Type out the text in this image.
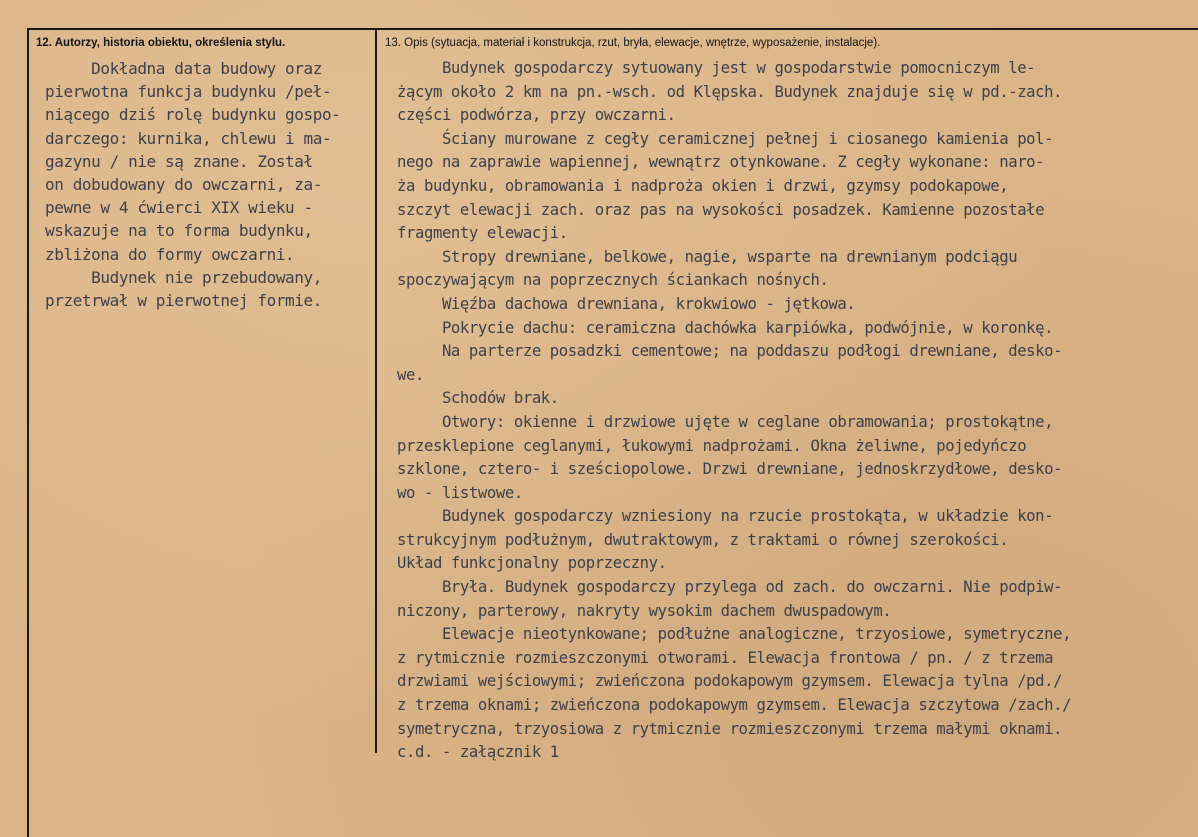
12. Autorzy, historia obiektu, określenia stylu.	13. Opis (sytuacja, materiał i konstrukcja, rzut, bryła, elewacje, wnętrze, wyposażenie, instalacje).
Dokładna data budowy oraz
pierwotna funkcja budynku /peł-
niącego dziś rolę budynku gospo-
darczego: kurnika, chlewu i ma-
gazynu / nie są znane. Został
on dobudowany do owczarni, za-
pewne w 4 ćwierci XIX wieku -
wskazuje na to forma budynku,
zbliżona do formy owczarni.
Budynek nie przebudowany,
przetrwał w pierwotnej formie.
Budynek gospodarczy sytuowany jest w gospodarstwie pomocniczym le-
żącym około 2 km na pn.-wsch. od Klępska. Budynek znajduje się w pd.-zach.
części podwórza, przy owczarni.
Ściany murowane z cegły ceramicznej pełnej i ciosanego kamienia pol-
nego na zaprawie wapiennej, wewnątrz otynkowane. Z cegły wykonane: naro-
ża budynku, obramowania i nadproża okien i drzwi, gzymsy podokapowe,
szczyt elewacji zach. oraz pas na wysokości posadzek. Kamienne pozostałe
fragmenty elewacji.
Stropy drewniane, belkowe, nagie, wsparte na drewnianym podciągu
spoczywającym na poprzecznych ściankach nośnych.
Więźba dachowa drewniana, krokwiowo - jętkowa.
Pokrycie dachu: ceramiczna dachówka karpiówka, podwójnie, w koronkę.
Na parterze posadzki cementowe; na poddaszu podłogi drewniane, desko-
we.
Schodów brak.
Otwory: okienne i drzwiowe ujęte w ceglane obramowania; prostokątne,
przesklepione ceglanymi, łukowymi nadprożami. Okna żeliwne, pojedyńczo
szklone, cztero- i sześciopolowe. Drzwi drewniane, jednoskrzydłowe, desko-
wo - listwowe.
Budynek gospodarczy wzniesiony na rzucie prostokąta, w układzie kon-
strukcyjnym podłużnym, dwutraktowym, z traktami o równej szerokości.
Układ funkcjonalny poprzeczny.
Bryła. Budynek gospodarczy przylega od zach. do owczarni. Nie podpiw-
niczony, parterowy, nakryty wysokim dachem dwuspadowym.
Elewacje nieotynkowane; podłużne analogiczne, trzyosiowe, symetryczne,
z rytmicznie rozmieszczonymi otworami. Elewacja frontowa / pn. / z trzema
drzwiami wejściowymi; zwieńczona podokapowym gzymsem. Elewacja tylna /pd./
z trzema oknami; zwieńczona podokapowym gzymsem. Elewacja szczytowa /zach./
symetryczna, trzyosiowa z rytmicznie rozmieszczonymi trzema małymi oknami.
c.d. - załącznik 1
